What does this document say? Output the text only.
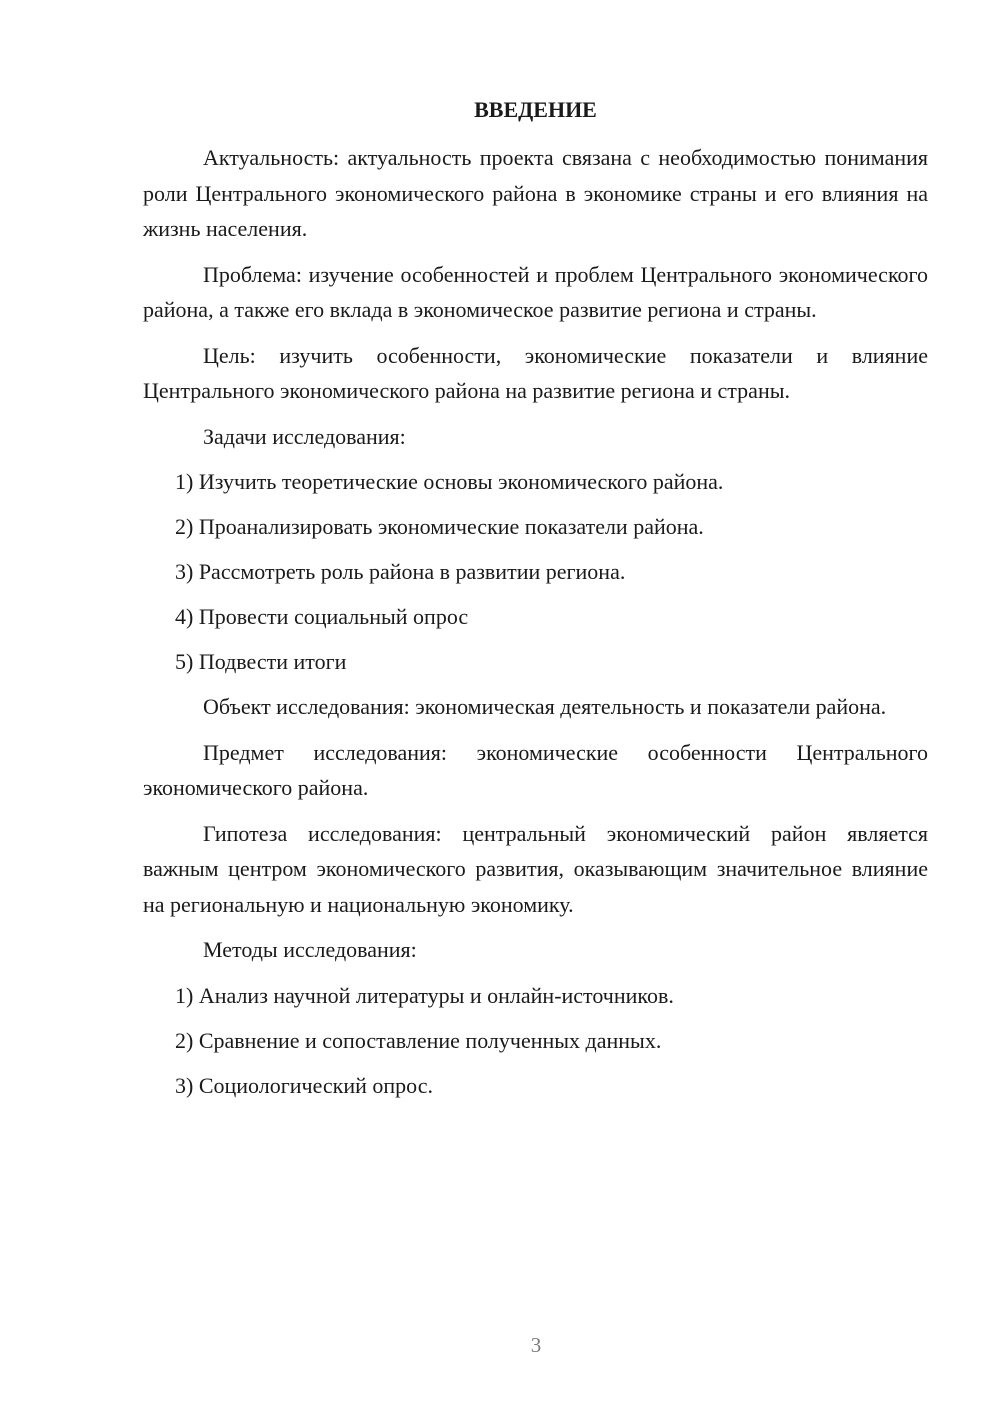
ВВЕДЕНИЕ

Актуальность: актуальность проекта связана с необходимостью понимания роли Центрального экономического района в экономике страны и его влияния на жизнь населения.

Проблема: изучение особенностей и проблем Центрального экономического района, а также его вклада в экономическое развитие региона и страны.

Цель: изучить особенности, экономические показатели и влияние Центрального экономического района на развитие региона и страны.

Задачи исследования:

1) Изучить теоретические основы экономического района.

2) Проанализировать экономические показатели района.

3) Рассмотреть роль района в развитии региона.

4) Провести социальный опрос

5) Подвести итоги

Объект исследования: экономическая деятельность и показатели района.

Предмет исследования: экономические особенности Центрального экономического района.

Гипотеза исследования: центральный экономический район является важным центром экономического развития, оказывающим значительное влияние на региональную и национальную экономику.

Методы исследования:

1) Анализ научной литературы и онлайн-источников.

2) Сравнение и сопоставление полученных данных.

3) Социологический опрос.

3
